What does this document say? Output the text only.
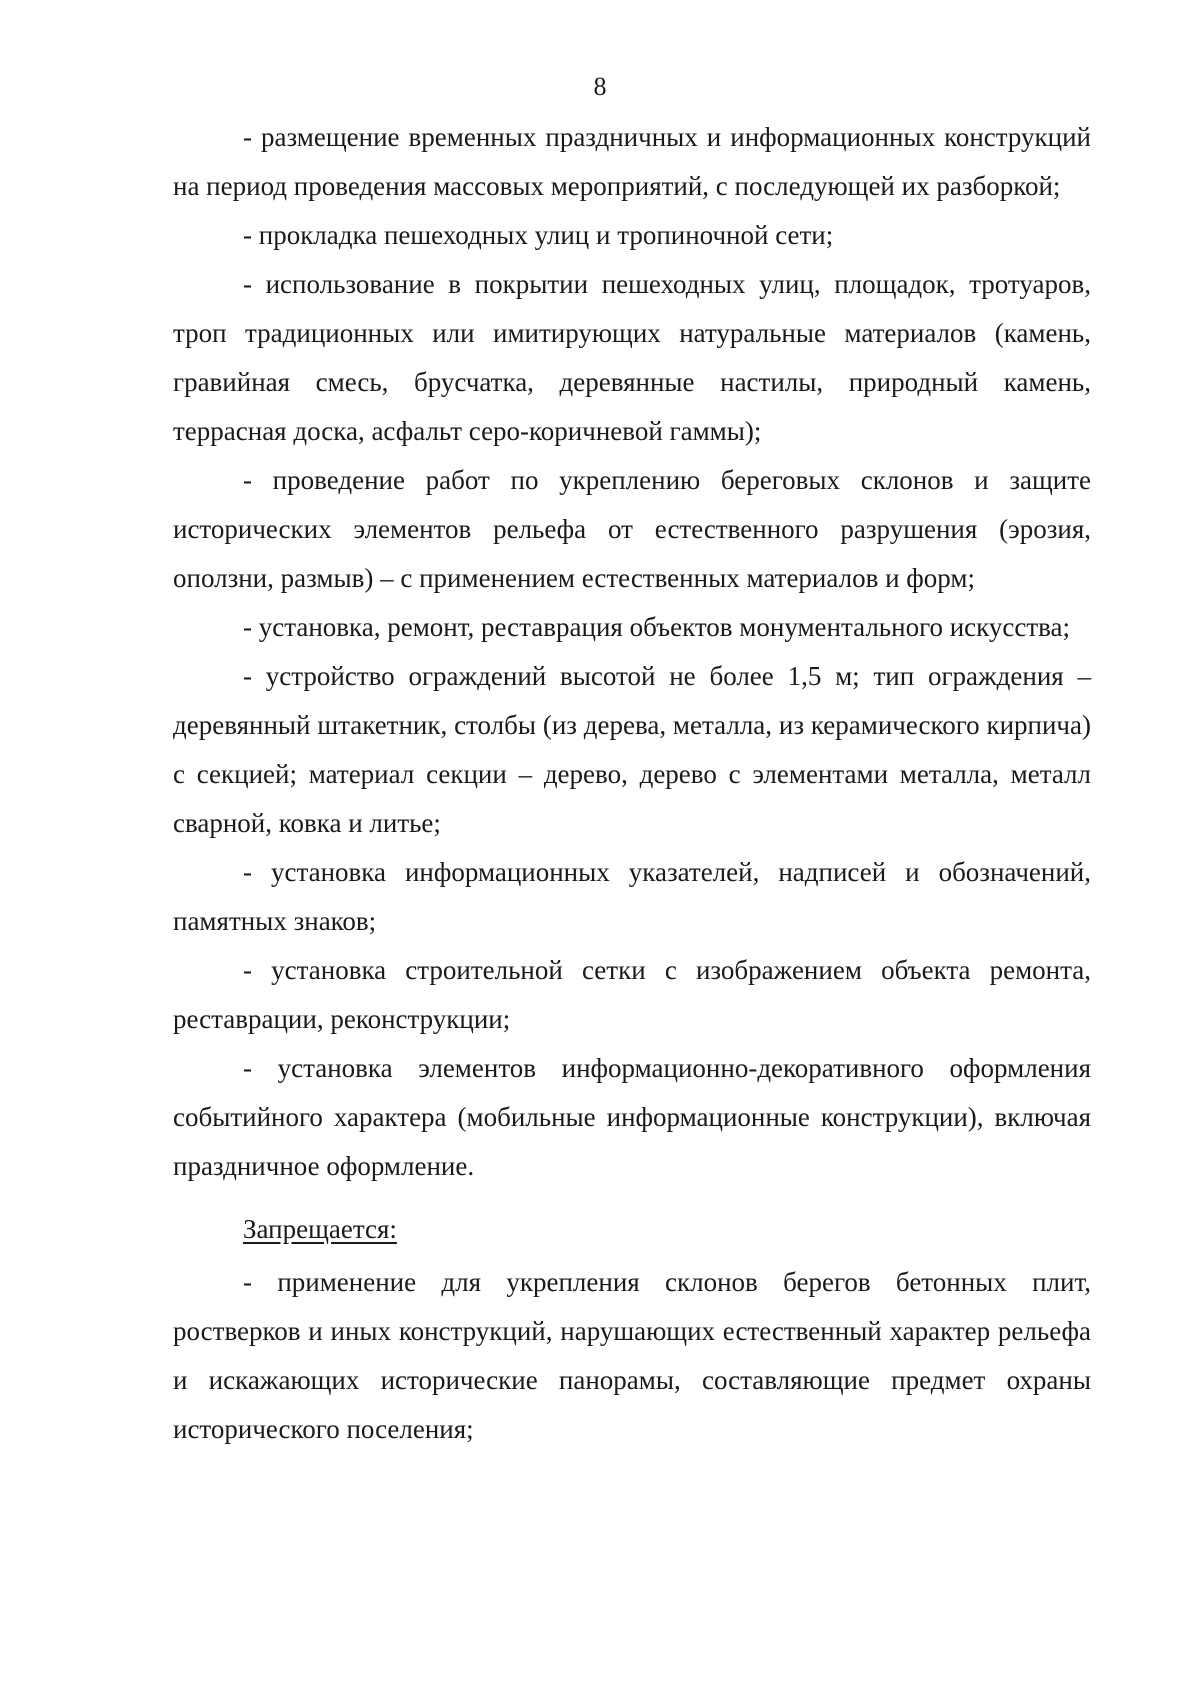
8

- размещение временных праздничных и информационных конструкций на период проведения массовых мероприятий, с последующей их разборкой;

- прокладка пешеходных улиц и тропиночной сети;

- использование в покрытии пешеходных улиц, площадок, тротуаров, троп традиционных или имитирующих натуральные материалов (камень, гравийная смесь, брусчатка, деревянные настилы, природный камень, террасная доска, асфальт серо-коричневой гаммы);

- проведение работ по укреплению береговых склонов и защите исторических элементов рельефа от естественного разрушения (эрозия, оползни, размыв) – с применением естественных материалов и форм;

- установка, ремонт, реставрация объектов монументального искусства;

- устройство ограждений высотой не более 1,5 м; тип ограждения – деревянный штакетник, столбы (из дерева, металла, из керамического кирпича) с секцией; материал секции – дерево, дерево с элементами металла, металл сварной, ковка и литье;

- установка информационных указателей, надписей и обозначений, памятных знаков;

- установка строительной сетки с изображением объекта ремонта, реставрации, реконструкции;

- установка элементов информационно-декоративного оформления событийного характера (мобильные информационные конструкции), включая праздничное оформление.

Запрещается:

- применение для укрепления склонов берегов бетонных плит, ростверков и иных конструкций, нарушающих естественный характер рельефа и искажающих исторические панорамы, составляющие предмет охраны исторического поселения;
